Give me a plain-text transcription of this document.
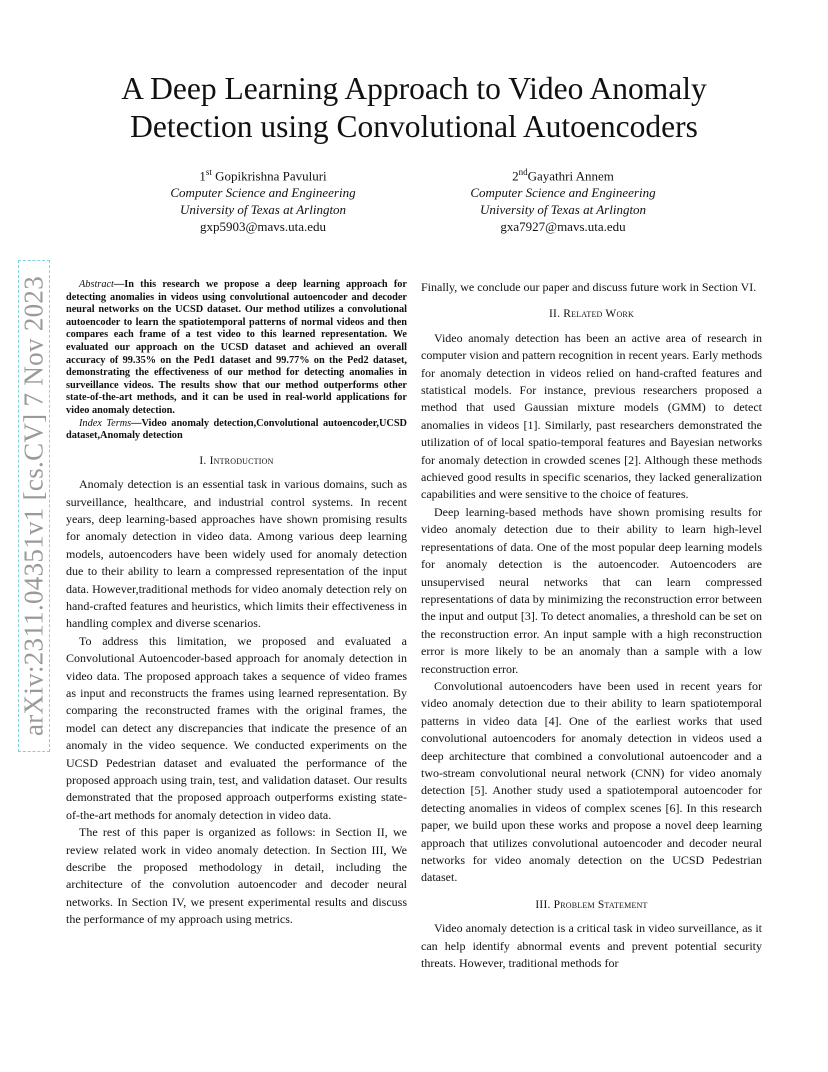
arXiv:2311.04351v1 [cs.CV] 7 Nov 2023
A Deep Learning Approach to Video Anomaly Detection using Convolutional Autoencoders
1st Gopikrishna Pavuluri
Computer Science and Engineering
University of Texas at Arlington
gxp5903@mavs.uta.edu
2ndGayathri Annem
Computer Science and Engineering
University of Texas at Arlington
gxa7927@mavs.uta.edu

Abstract—In this research we propose a deep learning approach for detecting anomalies in videos using convolutional autoencoder and decoder neural networks on the UCSD dataset. Our method utilizes a convolutional autoencoder to learn the spatiotemporal patterns of normal videos and then compares each frame of a test video to this learned representation. We evaluated our approach on the UCSD dataset and achieved an overall accuracy of 99.35% on the Ped1 dataset and 99.77% on the Ped2 dataset, demonstrating the effectiveness of our method for detecting anomalies in surveillance videos. The results show that our method outperforms other state-of-the-art methods, and it can be used in real-world applications for video anomaly detection.

Index Terms—Video anomaly detection,Convolutional autoencoder,UCSD dataset,Anomaly detection

I. Introduction

Anomaly detection is an essential task in various domains, such as surveillance, healthcare, and industrial control systems. In recent years, deep learning-based approaches have shown promising results for anomaly detection in video data. Among various deep learning models, autoencoders have been widely used for anomaly detection due to their ability to learn a compressed representation of the input data. However,traditional methods for video anomaly detection rely on hand-crafted features and heuristics, which limits their effectiveness in handling complex and diverse scenarios.

To address this limitation, we proposed and evaluated a Convolutional Autoencoder-based approach for anomaly detection in video data. The proposed approach takes a sequence of video frames as input and reconstructs the frames using learned representation. By comparing the reconstructed frames with the original frames, the model can detect any discrepancies that indicate the presence of an anomaly in the video sequence. We conducted experiments on the UCSD Pedestrian dataset and evaluated the performance of the proposed approach using train, test, and validation dataset. Our results demonstrated that the proposed approach outperforms existing state-of-the-art methods for anomaly detection in video data.

The rest of this paper is organized as follows: in Section II, we review related work in video anomaly detection. In Section III, We describe the proposed methodology in detail, including the architecture of the convolution autoencoder and decoder neural networks. In Section IV, we present experimental results and discuss the performance of my approach using metrics.

Finally, we conclude our paper and discuss future work in Section VI.

II. Related Work

Video anomaly detection has been an active area of research in computer vision and pattern recognition in recent years. Early methods for anomaly detection in videos relied on hand-crafted features and statistical models. For instance, previous researchers proposed a method that used Gaussian mixture models (GMM) to detect anomalies in videos [1]. Similarly, past researchers demonstrated the utilization of of local spatio-temporal features and Bayesian networks for anomaly detection in crowded scenes [2]. Although these methods achieved good results in specific scenarios, they lacked generalization capabilities and were sensitive to the choice of features.

Deep learning-based methods have shown promising results for video anomaly detection due to their ability to learn high-level representations of data. One of the most popular deep learning models for anomaly detection is the autoencoder. Autoencoders are unsupervised neural networks that can learn compressed representations of data by minimizing the reconstruction error between the input and output [3]. To detect anomalies, a threshold can be set on the reconstruction error. An input sample with a high reconstruction error is more likely to be an anomaly than a sample with a low reconstruction error.

Convolutional autoencoders have been used in recent years for video anomaly detection due to their ability to learn spatiotemporal patterns in video data [4]. One of the earliest works that used convolutional autoencoders for anomaly detection in videos used a deep architecture that combined a convolutional autoencoder and a two-stream convolutional neural network (CNN) for video anomaly detection [5]. Another study used a spatiotemporal autoencoder for detecting anomalies in videos of complex scenes [6]. In this research paper, we build upon these works and propose a novel deep learning approach that utilizes convolutional autoencoder and decoder neural networks for video anomaly detection on the UCSD Pedestrian dataset.

III. Problem Statement

Video anomaly detection is a critical task in video surveillance, as it can help identify abnormal events and prevent potential security threats. However, traditional methods for
